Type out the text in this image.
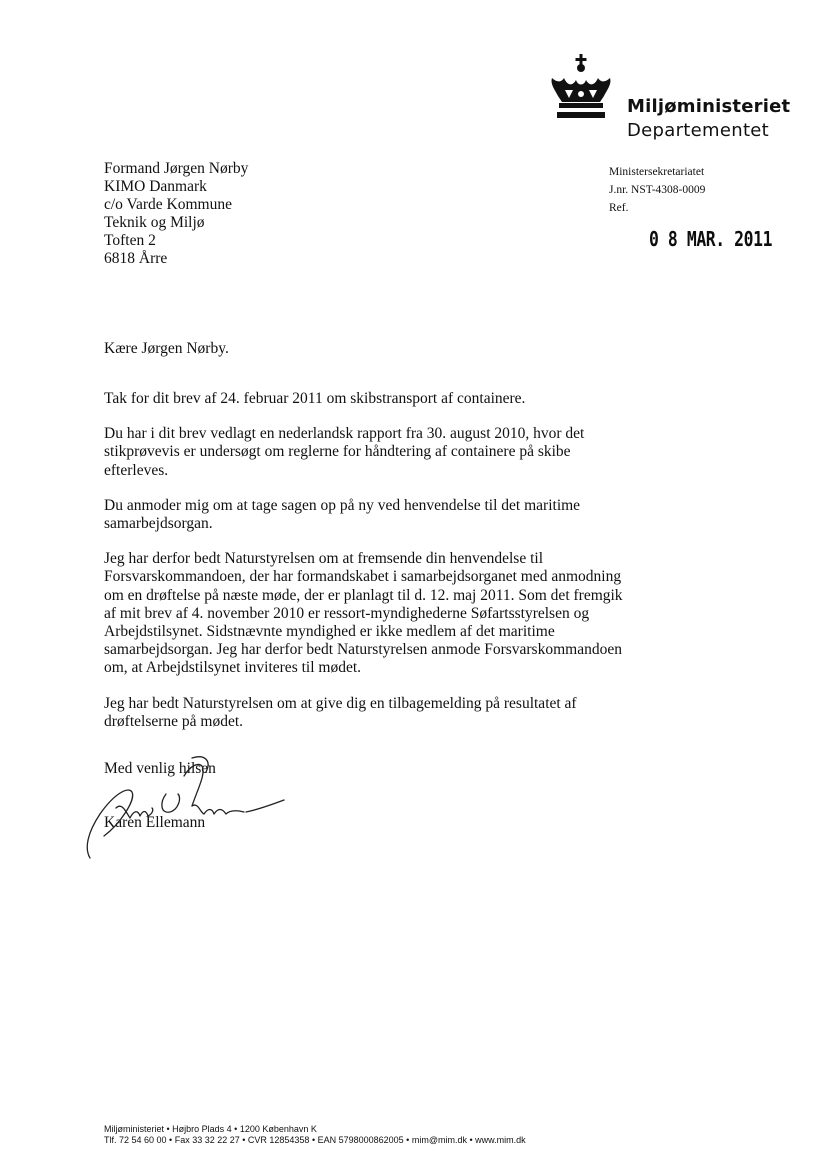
Miljøministeriet
Departementet
Formand Jørgen Nørby
KIMO Danmark
c/o Varde Kommune
Teknik og Miljø
Toften 2
6818 Årre
Ministersekretariatet
J.nr. NST-4308-0009
Ref.
0 8 MAR. 2011
Kære Jørgen Nørby.

Tak for dit brev af 24. februar 2011 om skibstransport af containere.

Du har i dit brev vedlagt en nederlandsk rapport fra 30. august 2010, hvor det stikprøvevis er undersøgt om reglerne for håndtering af containere på skibe efterleves.

Du anmoder mig om at tage sagen op på ny ved henvendelse til det maritime samarbejdsorgan.

Jeg har derfor bedt Naturstyrelsen om at fremsende din henvendelse til Forsvarskommandoen, der har formandskabet i samarbejdsorganet med anmodning om en drøftelse på næste møde, der er planlagt til d. 12. maj 2011. Som det fremgik af mit brev af 4. november 2010 er ressort-myndighederne Søfartsstyrelsen og Arbejdstilsynet. Sidstnævnte myndighed er ikke medlem af det maritime samarbejdsorgan. Jeg har derfor bedt Naturstyrelsen anmode Forsvarskommandoen om, at Arbejdstilsynet inviteres til mødet.

Jeg har bedt Naturstyrelsen om at give dig en tilbagemelding på resultatet af drøftelserne på mødet.

Med venlig hilsen
Karen Ellemann
Miljøministeriet • Højbro Plads 4 • 1200 København K
Tlf. 72 54 60 00 • Fax 33 32 22 27 • CVR 12854358 • EAN 5798000862005 • mim@mim.dk • www.mim.dk
